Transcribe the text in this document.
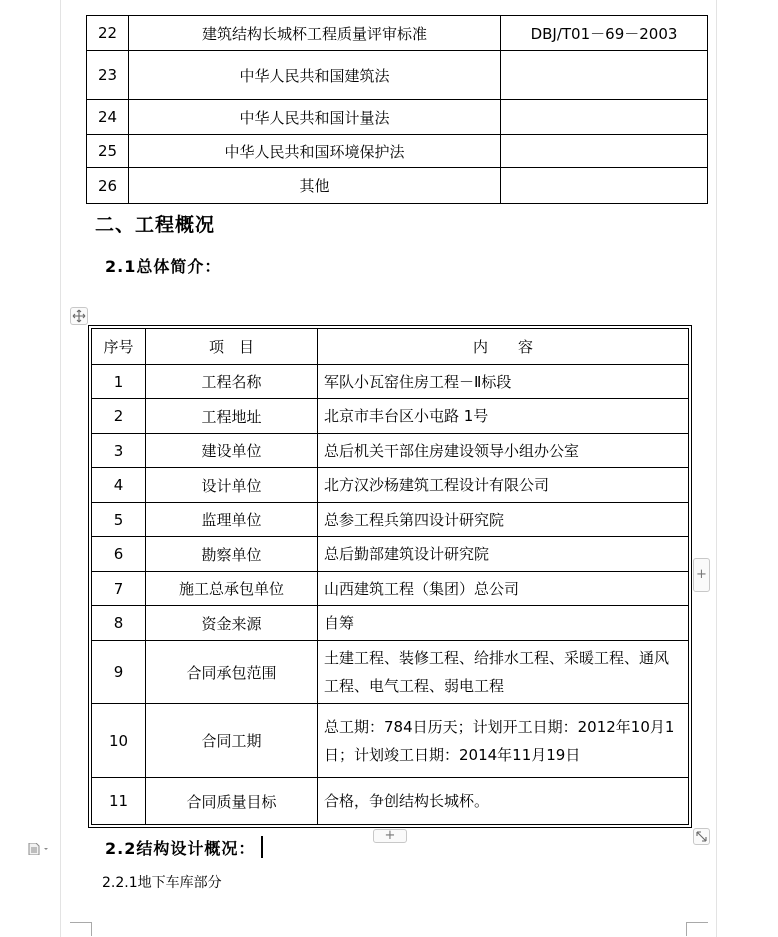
22	建筑结构长城杯工程质量评审标准	DBJ/T01－69－2003
23	中华人民共和国建筑法	
24	中华人民共和国计量法	
25	中华人民共和国环境保护法	
26	其他	
二、工程概况
2.1总体简介：
序号	项　目	内　　容
1	工程名称	军队小瓦窑住房工程－Ⅱ标段
2	工程地址	北京市丰台区小屯路 1号
3	建设单位	总后机关干部住房建设领导小组办公室
4	设计单位	北方汉沙杨建筑工程设计有限公司
5	监理单位	总参工程兵第四设计研究院
6	勘察单位	总后勤部建筑设计研究院
7	施工总承包单位	山西建筑工程（集团）总公司
8	资金来源	自筹
9	合同承包范围	土建工程、装修工程、给排水工程、采暖工程、通风工程、电气工程、弱电工程
10	合同工期	总工期：784日历天；计划开工日期：2012年10月1日；计划竣工日期：2014年11月19日
11	合同质量目标	合格，争创结构长城杯。
+
+
2.2结构设计概况：
2.2.1地下车库部分
